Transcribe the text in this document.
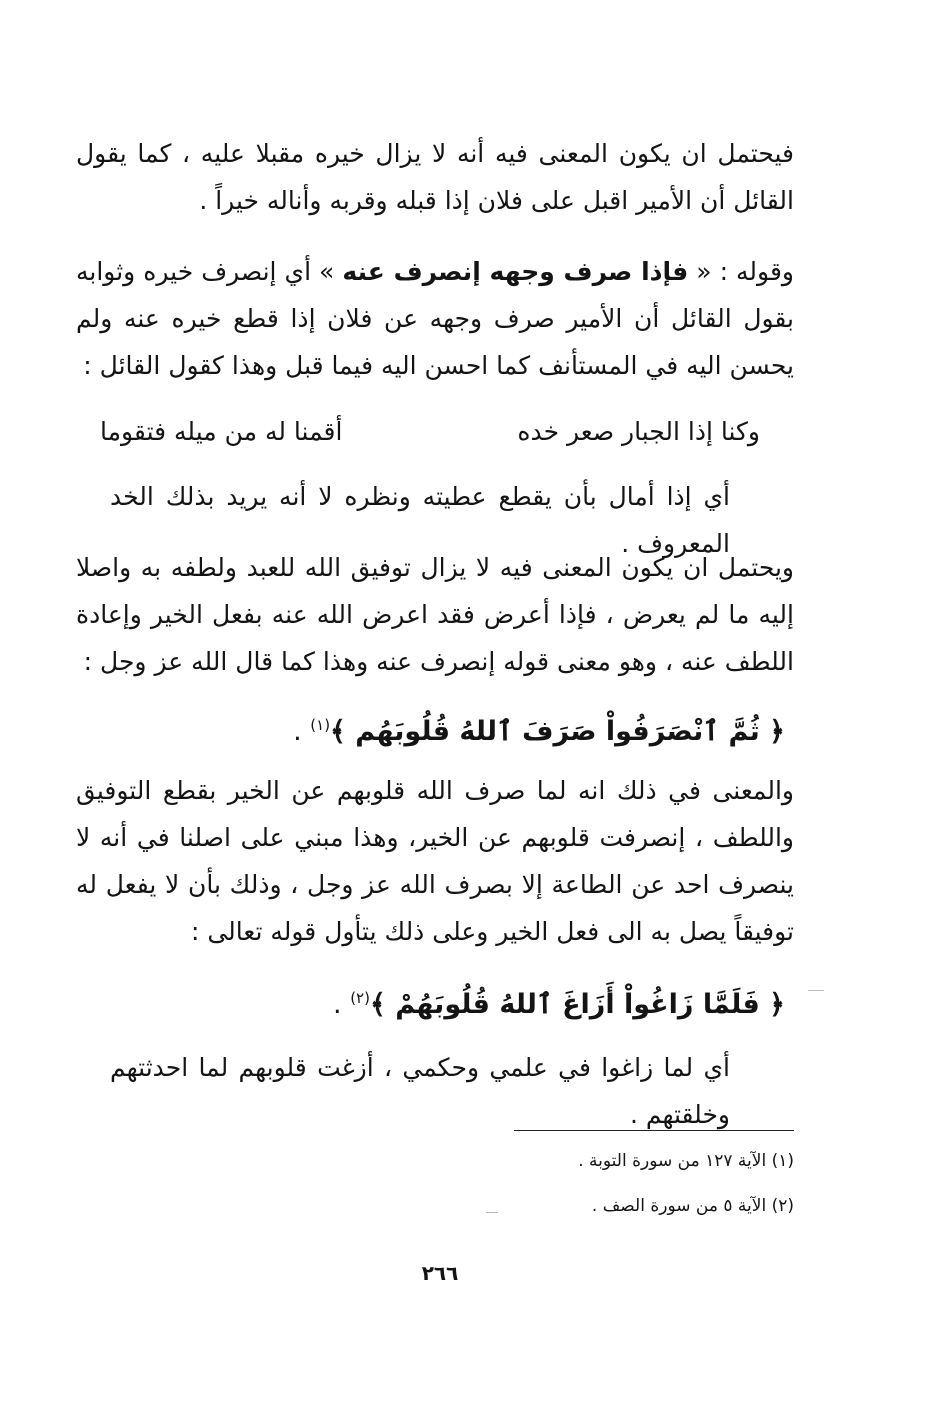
فيحتمل ان يكون المعنى فيه أنه لا يزال خيره مقبلا عليه ، كما يقول القائل أن الأمير اقبل على فلان إذا قبله وقربه وأناله خيراً .

وقوله : « فإذا صرف وجهه إنصرف عنه » أي إنصرف خيره وثوابه بقول القائل أن الأمير صرف وجهه عن فلان إذا قطع خيره عنه ولم يحسن اليه في المستأنف كما احسن اليه فيما قبل وهذا كقول القائل :

وكنا إذا الجبار صعر خده
أقمنا له من ميله فتقوما

أي إذا أمال بأن يقطع عطيته ونظره لا أنه يريد بذلك الخد المعروف .

ويحتمل ان يكون المعنى فيه لا يزال توفيق الله للعبد ولطفه به واصلا إليه ما لم يعرض ، فإذا أعرض فقد اعرض الله عنه بفعل الخير وإعادة اللطف عنه ، وهو معنى قوله إنصرف عنه وهذا كما قال الله عز وجل :

﴿ ثُمَّ ٱنْصَرَفُواْ صَرَفَ ٱللهُ قُلُوبَهُم ﴾$^{(١)}$ .

والمعنى في ذلك انه لما صرف الله قلوبهم عن الخير بقطع التوفيق واللطف ، إنصرفت قلوبهم عن الخير، وهذا مبني على اصلنا في أنه لا ينصرف احد عن الطاعة إلا بصرف الله عز وجل ، وذلك بأن لا يفعل له توفيقاً يصل به الى فعل الخير وعلى ذلك يتأول قوله تعالى :

﴿ فَلَمَّا زَاغُواْ أَزَاغَ ٱللهُ قُلُوبَهُمْ ﴾$^{(٢)}$ .

أي لما زاغوا في علمي وحكمي ، أزغت قلوبهم لما احدثتهم وخلقتهم .

(١) الآية ١٢٧ من سورة التوبة .
(٢) الآية ٥ من سورة الصف .
٢٦٦
